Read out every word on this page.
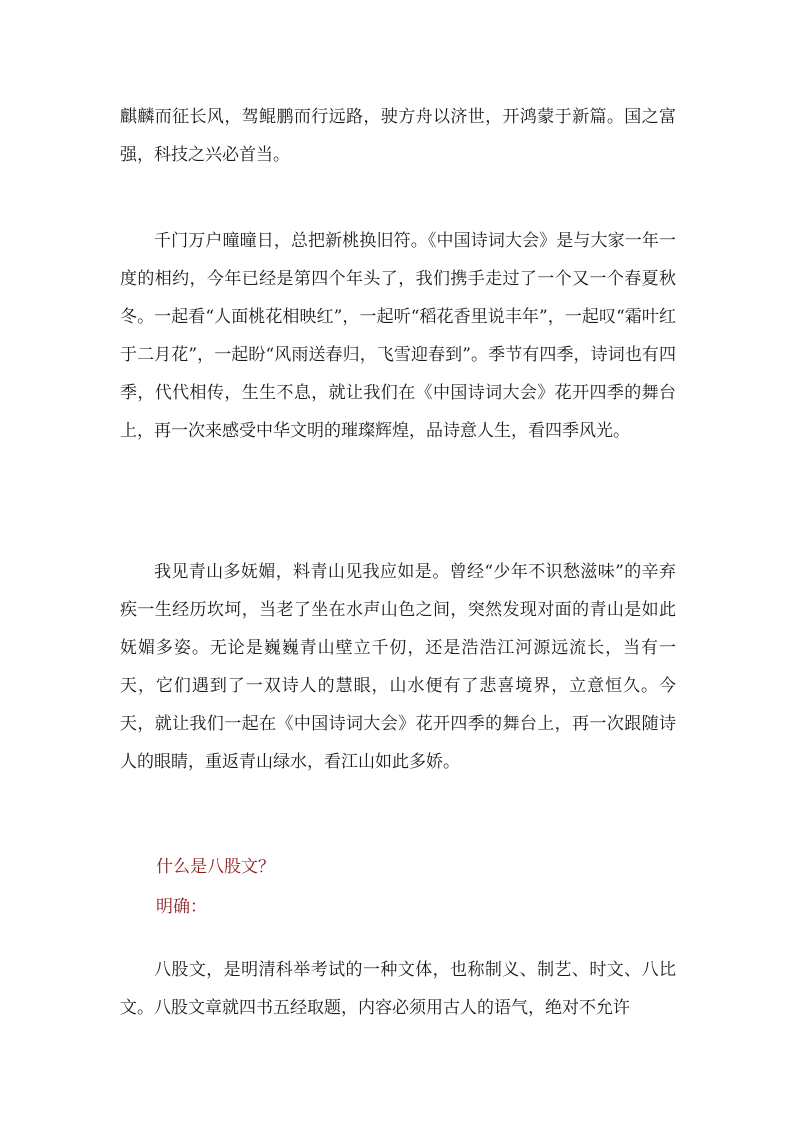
麒麟而征长风，驾鲲鹏而行远路，驶方舟以济世，开鸿蒙于新篇。国之富强，科技之兴必首当。
千门万户曈曈日，总把新桃换旧符。《中国诗词大会》是与大家一年一度的相约，今年已经是第四个年头了，我们携手走过了一个又一个春夏秋冬。一起看“人面桃花相映红”，一起听“稻花香里说丰年”，一起叹“霜叶红于二月花”，一起盼“风雨送春归，飞雪迎春到”。季节有四季，诗词也有四季，代代相传，生生不息，就让我们在《中国诗词大会》花开四季的舞台上，再一次来感受中华文明的璀璨辉煌，品诗意人生，看四季风光。
我见青山多妩媚，料青山见我应如是。曾经“少年不识愁滋味”的辛弃疾一生经历坎坷，当老了坐在水声山色之间，突然发现对面的青山是如此妩媚多姿。无论是巍巍青山壁立千仞，还是浩浩江河源远流长，当有一天，它们遇到了一双诗人的慧眼，山水便有了悲喜境界，立意恒久。今天，就让我们一起在《中国诗词大会》花开四季的舞台上，再一次跟随诗人的眼睛，重返青山绿水，看江山如此多娇。
什么是八股文？
明确：
八股文，是明清科举考试的一种文体，也称制义、制艺、时文、八比文。八股文章就四书五经取题，内容必须用古人的语气，绝对不允许
